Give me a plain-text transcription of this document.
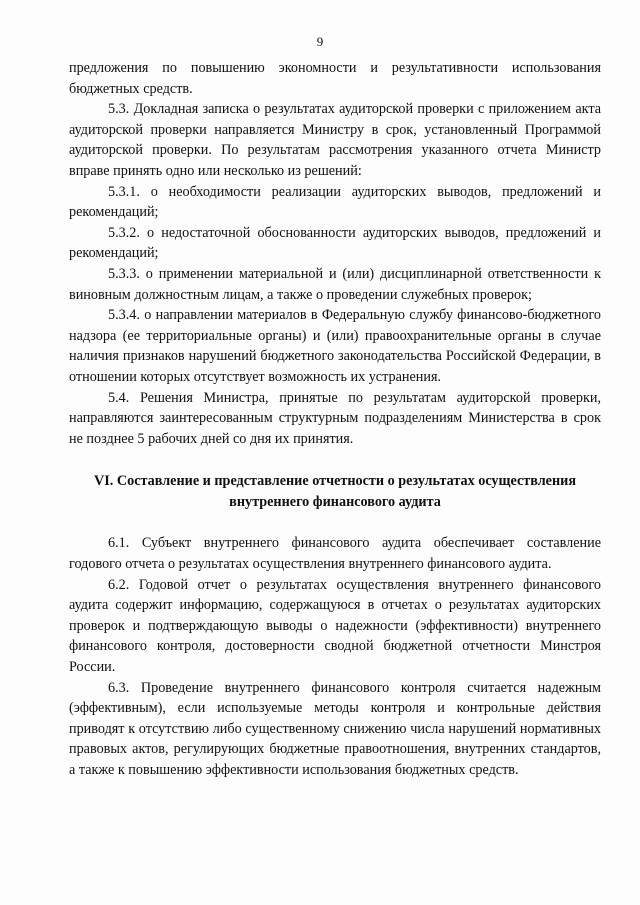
9

предложения по повышению экономности и результативности использования бюджетных средств.

5.3. Докладная записка о результатах аудиторской проверки с приложением акта аудиторской проверки направляется Министру в срок, установленный Программой аудиторской проверки. По результатам рассмотрения указанного отчета Министр вправе принять одно или несколько из решений:

5.3.1. о необходимости реализации аудиторских выводов, предложений и рекомендаций;

5.3.2. о недостаточной обоснованности аудиторских выводов, предложений и рекомендаций;

5.3.3. о применении материальной и (или) дисциплинарной ответственности к виновным должностным лицам, а также о проведении служебных проверок;

5.3.4. о направлении материалов в Федеральную службу финансово-бюджетного надзора (ее территориальные органы) и (или) правоохранительные органы в случае наличия признаков нарушений бюджетного законодательства Российской Федерации, в отношении которых отсутствует возможность их устранения.

5.4. Решения Министра, принятые по результатам аудиторской проверки, направляются заинтересованным структурным подразделениям Министерства в срок не позднее 5 рабочих дней со дня их принятия.

VI. Составление и представление отчетности о результатах осуществления
внутреннего финансового аудита

6.1. Субъект внутреннего финансового аудита обеспечивает составление годового отчета о результатах осуществления внутреннего финансового аудита.

6.2. Годовой отчет о результатах осуществления внутреннего финансового аудита содержит информацию, содержащуюся в отчетах о результатах аудиторских проверок и подтверждающую выводы о надежности (эффективности) внутреннего финансового контроля, достоверности сводной бюджетной отчетности Минстроя России.

6.3. Проведение внутреннего финансового контроля считается надежным (эффективным), если используемые методы контроля и контрольные действия приводят к отсутствию либо существенному снижению числа нарушений нормативных правовых актов, регулирующих бюджетные правоотношения, внутренних стандартов, а также к повышению эффективности использования бюджетных средств.
